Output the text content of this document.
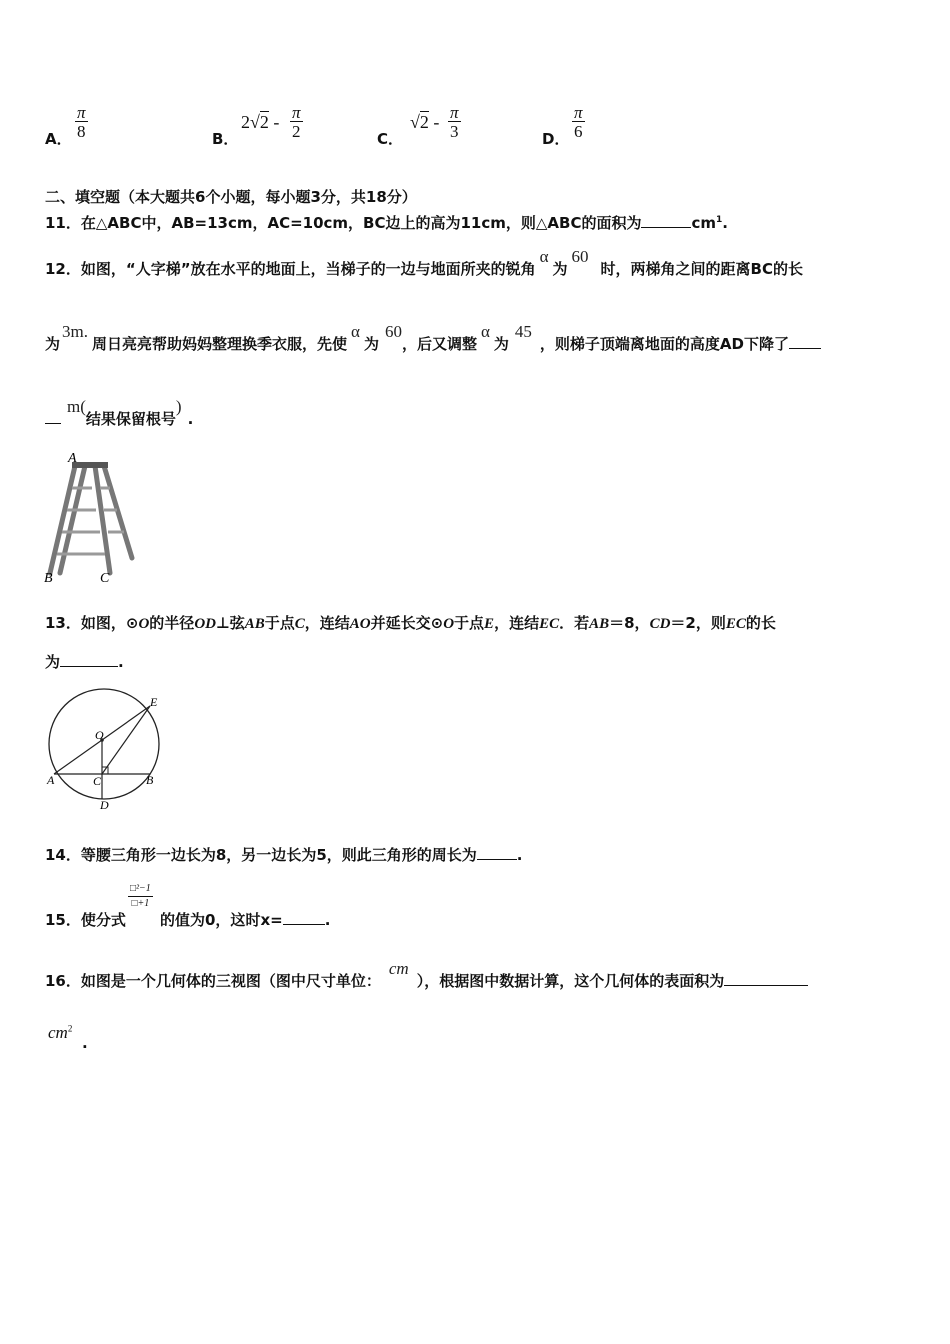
A． $\frac{\pi}{8}$	B．
$2√2 - \frac{\pi}{2}$	C．
$√2 - \frac{\pi}{3}$	D． $\frac{\pi}{6}$
二、填空题（本大题共6个小题，每小题3分，共18分）
11．在△ABC中，AB=13cm，AC=10cm，BC边上的高为11cm，则△ABC的面积为	$cm^1$.
12．如图，“人字梯”放在水平的地面上，当梯子的一边与地面所夹的锐角α为60时，两梯角之间的距离BC的长
为3m.周日亮亮帮助妈妈整理换季衣服，先使α为60，后又调整α为45，则梯子顶端离地面的高度AD下降了
m(结果保留根号).
A
B	C
13．如图，⊙O的半径OD⊥弦AB于点C，连结AO并延长交⊙O于点E，连结EC．若AB＝8，CD＝2，则EC的长
为	.
O
E
A	C	B
D
14．等腰三角形一边长为8，另一边长为5，则此三角形的周长为	.
15．使分式
$\frac{\text{□²−1}}{□+1}$
的值为0，这时x=	.
16．如图是一个几何体的三视图（图中尺寸单位：cm），根据图中数据计算，这个几何体的表面积为
$cm^2$
.
